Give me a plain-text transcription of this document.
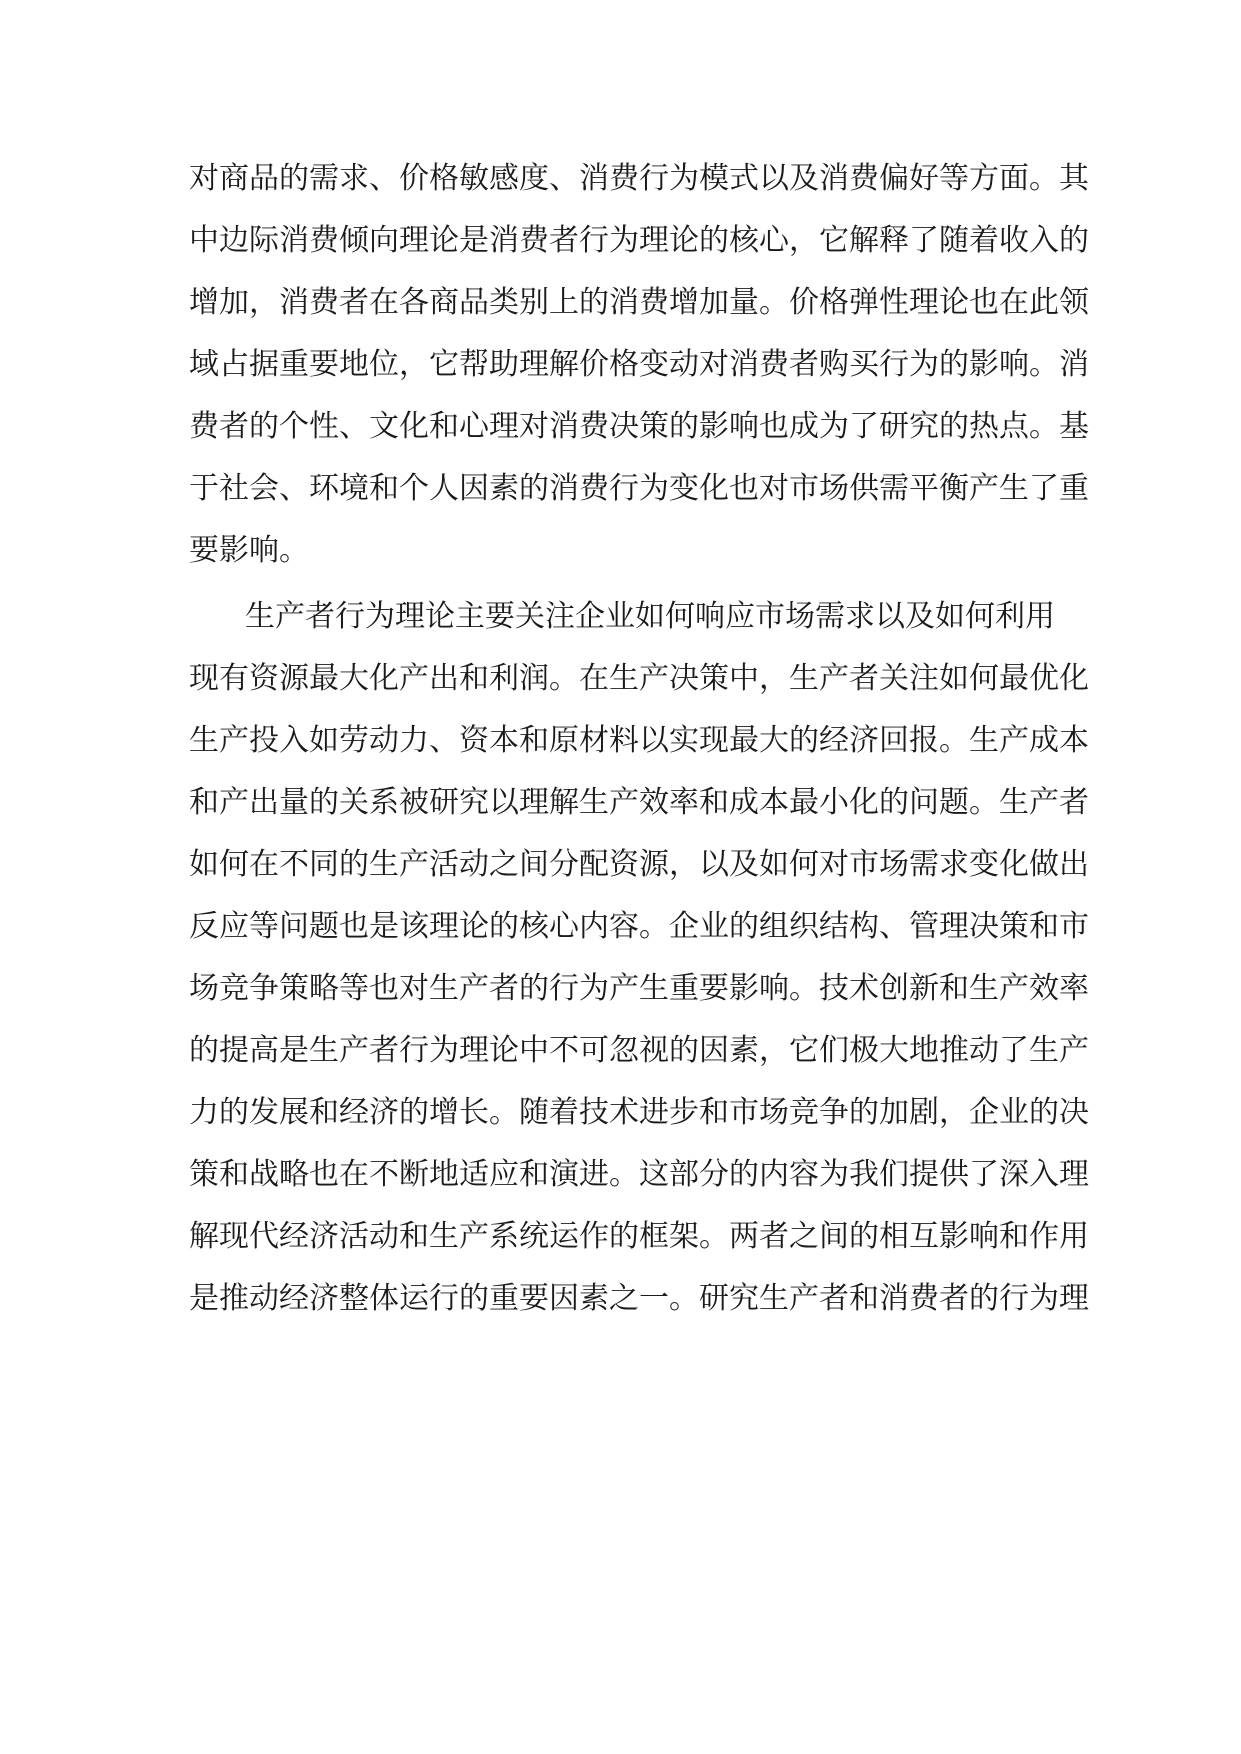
对商品的需求、价格敏感度、消费行为模式以及消费偏好等方面。其
中边际消费倾向理论是消费者行为理论的核心，它解释了随着收入的
增加，消费者在各商品类别上的消费增加量。价格弹性理论也在此领
域占据重要地位，它帮助理解价格变动对消费者购买行为的影响。消
费者的个性、文化和心理对消费决策的影响也成为了研究的热点。基
于社会、环境和个人因素的消费行为变化也对市场供需平衡产生了重
要影响。
生产者行为理论主要关注企业如何响应市场需求以及如何利用
现有资源最大化产出和利润。在生产决策中，生产者关注如何最优化
生产投入如劳动力、资本和原材料以实现最大的经济回报。生产成本
和产出量的关系被研究以理解生产效率和成本最小化的问题。生产者
如何在不同的生产活动之间分配资源，以及如何对市场需求变化做出
反应等问题也是该理论的核心内容。企业的组织结构、管理决策和市
场竞争策略等也对生产者的行为产生重要影响。技术创新和生产效率
的提高是生产者行为理论中不可忽视的因素，它们极大地推动了生产
力的发展和经济的增长。随着技术进步和市场竞争的加剧，企业的决
策和战略也在不断地适应和演进。这部分的内容为我们提供了深入理
解现代经济活动和生产系统运作的框架。两者之间的相互影响和作用
是推动经济整体运行的重要因素之一。研究生产者和消费者的行为理
